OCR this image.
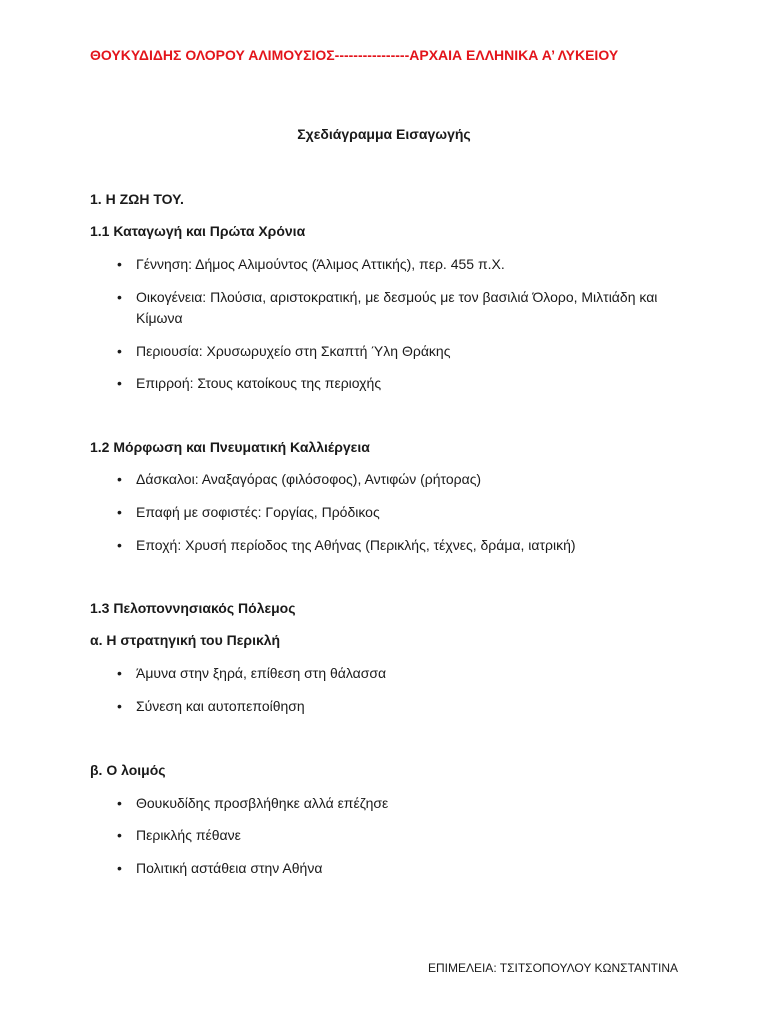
ΘΟΥΚΥΔΙΔΗΣ ΟΛΟΡΟΥ ΑΛΙΜΟΥΣΙΟΣ----------------ΑΡΧΑΙΑ ΕΛΛΗΝΙΚΑ Α’ ΛΥΚΕΙΟΥ
Σχεδιάγραμμα Εισαγωγής
1. Η ΖΩΗ ΤΟΥ.
1.1 Καταγωγή και Πρώτα Χρόνια
• Γέννηση: Δήμος Αλιμούντος (Άλιμος Αττικής), περ. 455 π.Χ.
• Οικογένεια: Πλούσια, αριστοκρατική, με δεσμούς με τον βασιλιά Όλορο, Μιλτιάδη και Κίμωνα
• Περιουσία: Χρυσωρυχείο στη Σκαπτή Ύλη Θράκης
• Επιρροή: Στους κατοίκους της περιοχής
1.2 Μόρφωση και Πνευματική Καλλιέργεια
• Δάσκαλοι: Αναξαγόρας (φιλόσοφος), Αντιφών (ρήτορας)
• Επαφή με σοφιστές: Γοργίας, Πρόδικος
• Εποχή: Χρυσή περίοδος της Αθήνας (Περικλής, τέχνες, δράμα, ιατρική)
1.3 Πελοποννησιακός Πόλεμος
α. Η στρατηγική του Περικλή
• Άμυνα στην ξηρά, επίθεση στη θάλασσα
• Σύνεση και αυτοπεποίθηση
β. Ο λοιμός
• Θουκυδίδης προσβλήθηκε αλλά επέζησε
• Περικλής πέθανε
• Πολιτική αστάθεια στην Αθήνα
ΕΠΙΜΕΛΕΙΑ: ΤΣΙΤΣΟΠΟΥΛΟΥ ΚΩΝΣΤΑΝΤΙΝΑ
